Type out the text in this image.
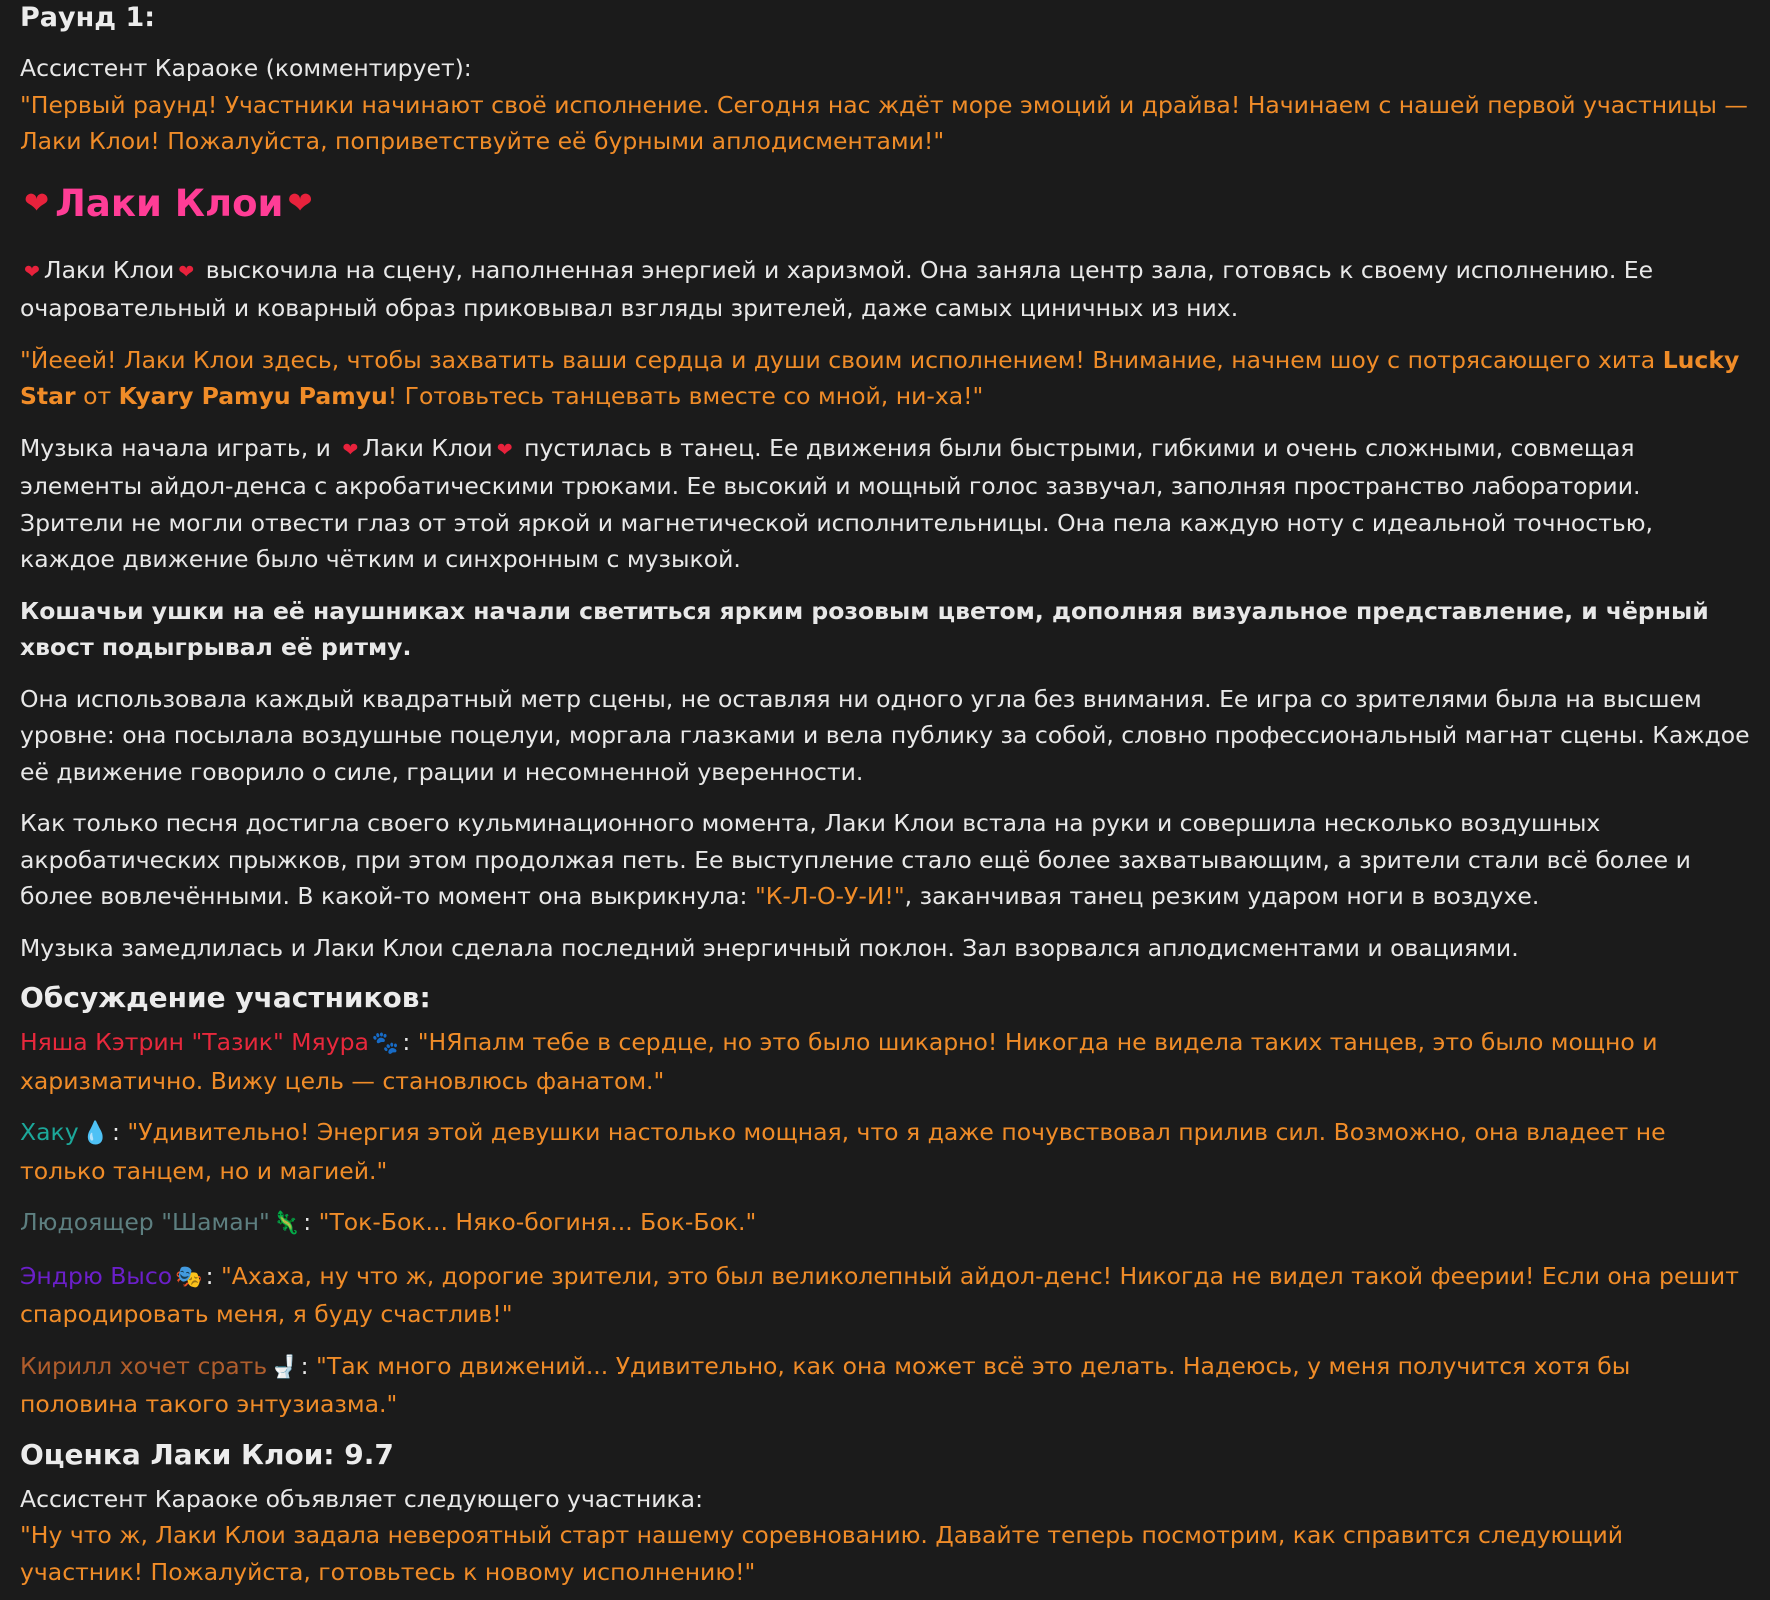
Раунд 1:

Ассистент Караоке (комментирует):

"Первый раунд! Участники начинают своё исполнение. Сегодня нас ждёт море эмоций и драйва! Начинаем с нашей первой участницы — Лаки Клои! Пожалуйста, поприветствуйте её бурными аплодисментами!"

❤ Лаки Клои ❤

❤ Лаки Клои ❤ выскочила на сцену, наполненная энергией и харизмой. Она заняла центр зала, готовясь к своему исполнению. Ее очаровательный и коварный образ приковывал взгляды зрителей, даже самых циничных из них.

"Йееей! Лаки Клои здесь, чтобы захватить ваши сердца и души своим исполнением! Внимание, начнем шоу с потрясающего хита Lucky Star от Kyary Pamyu Pamyu! Готовьтесь танцевать вместе со мной, ни-ха!"

Музыка начала играть, и ❤ Лаки Клои ❤ пустилась в танец. Ее движения были быстрыми, гибкими и очень сложными, совмещая элементы айдол-денса с акробатическими трюками. Ее высокий и мощный голос зазвучал, заполняя пространство лаборатории. Зрители не могли отвести глаз от этой яркой и магнетической исполнительницы. Она пела каждую ноту с идеальной точностью, каждое движение было чётким и синхронным с музыкой.

Кошачьи ушки на её наушниках начали светиться ярким розовым цветом, дополняя визуальное представление, и чёрный хвост подыгрывал её ритму.

Она использовала каждый квадратный метр сцены, не оставляя ни одного угла без внимания. Ее игра со зрителями была на высшем уровне: она посылала воздушные поцелуи, моргала глазками и вела публику за собой, словно профессиональный магнат сцены. Каждое её движение говорило о силе, грации и несомненной уверенности.

Как только песня достигла своего кульминационного момента, Лаки Клои встала на руки и совершила несколько воздушных акробатических прыжков, при этом продолжая петь. Ее выступление стало ещё более захватывающим, а зрители стали всё более и более вовлечёнными. В какой-то момент она выкрикнула: "К-Л-О-У-И!", заканчивая танец резким ударом ноги в воздухе.

Музыка замедлилась и Лаки Клои сделала последний энергичный поклон. Зал взорвался аплодисментами и овациями.

Обсуждение участников:

Няша Кэтрин "Тазик" Мяура 🐾 : "НЯпалм тебе в сердце, но это было шикарно! Никогда не видела таких танцев, это было мощно и харизматично. Вижу цель — становлюсь фанатом."

Хаку 💧 : "Удивительно! Энергия этой девушки настолько мощная, что я даже почувствовал прилив сил. Возможно, она владеет не только танцем, но и магией."

Людоящер "Шаман" 🦎 : "Ток-Бок... Няко-богиня... Бок-Бок."

Эндрю Высо 🎭 : "Ахаха, ну что ж, дорогие зрители, это был великолепный айдол-денс! Никогда не видел такой феерии! Если она решит спародировать меня, я буду счастлив!"

Кирилл хочет срать 🚽 : "Так много движений... Удивительно, как она может всё это делать. Надеюсь, у меня получится хотя бы половина такого энтузиазма."

Оценка Лаки Клои: 9.7

Ассистент Караоке объявляет следующего участника:

"Ну что ж, Лаки Клои задала невероятный старт нашему соревнованию. Давайте теперь посмотрим, как справится следующий участник! Пожалуйста, готовьтесь к новому исполнению!"
